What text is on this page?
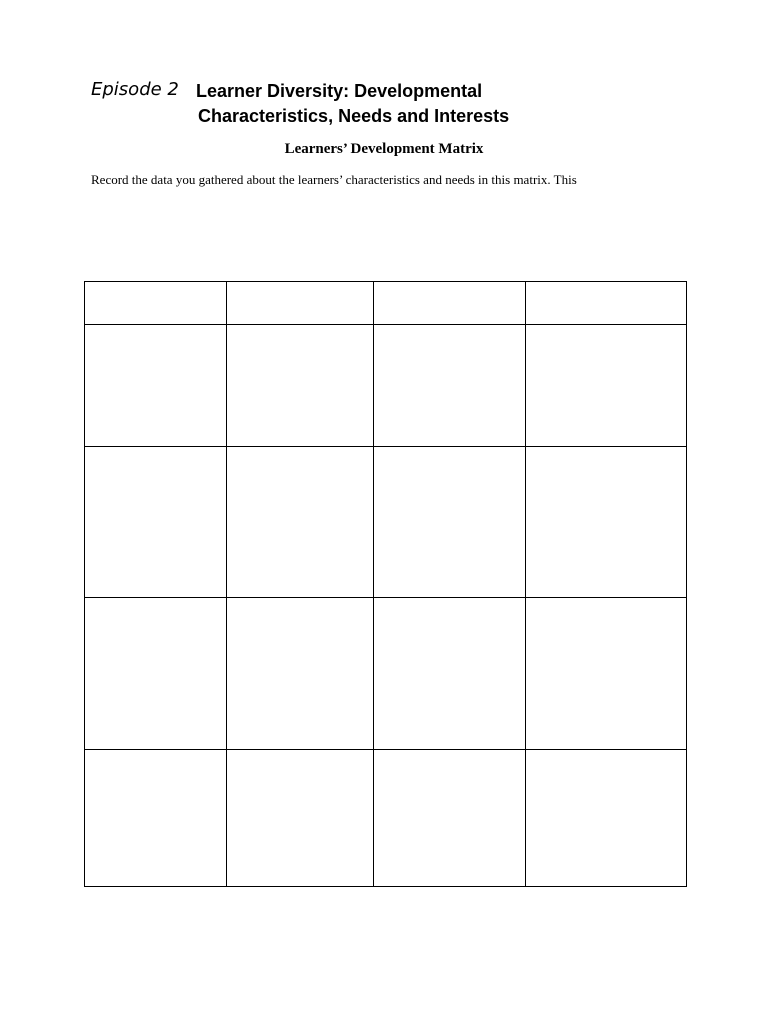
Episode 2 Learner Diversity: Developmental
Characteristics, Needs and Interests
Learners’ Development Matrix
Record the data you gathered about the learners’ characteristics and needs in this matrix. This
